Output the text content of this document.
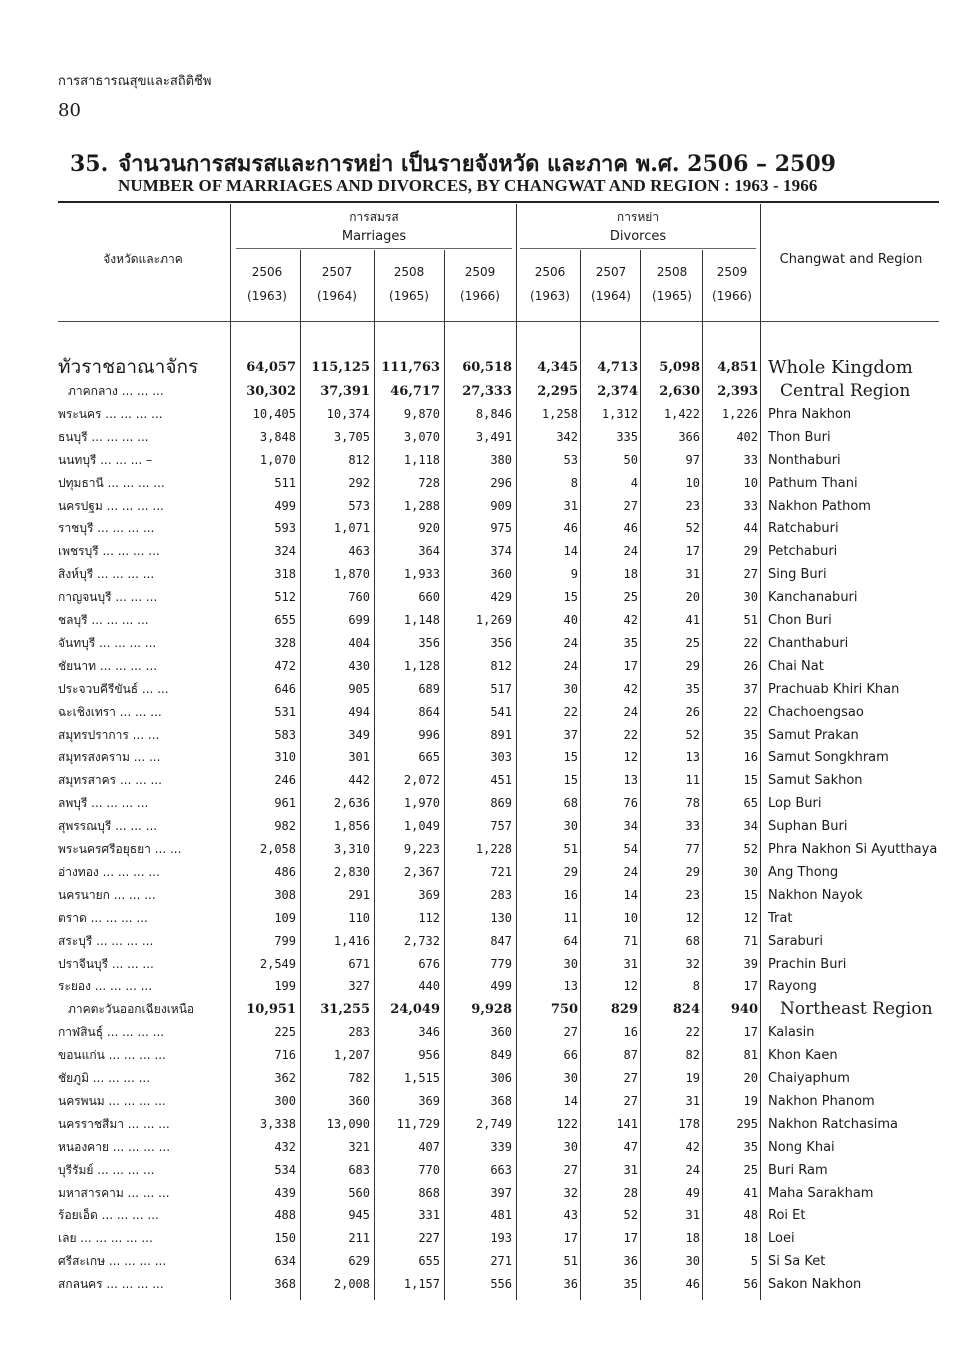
การสาธารณสุขและสถิติชีพ
80
35. จำนวนการสมรสและการหย่า เป็นรายจังหวัด และภาค พ.ศ. 2506 – 2509
NUMBER OF MARRIAGES AND DIVORCES, BY CHANGWAT AND REGION : 1963 - 1966
การสมรส
Marriages
การหย่า
Divorces
จังหวัดและภาค	Changwat and Region
2506
(1963)
2507
(1964)
2508
(1965)
2509
(1966)
2506
(1963)
2507
(1964)
2508
(1965)
2509
(1966)
ทั่วราชอาณาจักร	64,057	115,125 111,763	60,518	4,345	4,713	5,098	4,851 Whole Kingdom
ภาคกลาง ... ... ...	30,302	37,391	46,717	27,333	2,295	2,374	2,630	2,393 Central Region
พระนคร ... ... ... ...	10,405	10,374	9,870	8,846	1,258	1,312	1,422	1,226 Phra Nakhon
ธนบุรี ... ... ... ...	3,848	3,705	3,070	3,491	342	335	366	402 Thon Buri
นนทบุรี ... ... ... –	1,070	812	1,118	380	53	50	97	33 Nonthaburi
ปทุมธานี ... ... ... ...	511	292	728	296	8	4	10	10 Pathum Thani
นครปฐม ... ... ... ...	499	573	1,288	909	31	27	23	33 Nakhon Pathom
ราชบุรี ... ... ... ...	593	1,071	920	975	46	46	52	44 Ratchaburi
เพชรบุรี ... ... ... ...	324	463	364	374	14	24	17	29 Petchaburi
สิงห์บุรี ... ... ... ...	318	1,870	1,933	360	9	18	31	27 Sing Buri
กาญจนบุรี ... ... ...	512	760	660	429	15	25	20	30 Kanchanaburi
ชลบุรี ... ... ... ...	655	699	1,148	1,269	40	42	41	51 Chon Buri
จันทบุรี ... ... ... ...	328	404	356	356	24	35	25	22 Chanthaburi
ชัยนาท ... ... ... ...	472	430	1,128	812	24	17	29	26 Chai Nat
ประจวบคีรีขันธ์ ... ...	646	905	689	517	30	42	35	37 Prachuab Khiri Khan
ฉะเชิงเทรา ... ... ...	531	494	864	541	22	24	26	22 Chachoengsao
สมุทรปราการ ... ...	583	349	996	891	37	22	52	35 Samut Prakan
สมุทรสงคราม ... ...	310	301	665	303	15	12	13	16 Samut Songkhram
สมุทรสาคร ... ... ...	246	442	2,072	451	15	13	11	15 Samut Sakhon
ลพบุรี ... ... ... ...	961	2,636	1,970	869	68	76	78	65 Lop Buri
สุพรรณบุรี ... ... ...	982	1,856	1,049	757	30	34	33	34 Suphan Buri
พระนครศรีอยุธยา ... ...	2,058	3,310	9,223	1,228	51	54	77	52 Phra Nakhon Si Ayutthaya
อ่างทอง ... ... ... ...	486	2,830	2,367	721	29	24	29	30 Ang Thong
นครนายก ... ... ...	308	291	369	283	16	14	23	15 Nakhon Nayok
ตราด ... ... ... ...	109	110	112	130	11	10	12	12 Trat
สระบุรี ... ... ... ...	799	1,416	2,732	847	64	71	68	71 Saraburi
ปราจีนบุรี ... ... ...	2,549	671	676	779	30	31	32	39 Prachin Buri
ระยอง ... ... ... ...	199	327	440	499	13	12	8	17 Rayong
ภาคตะวันออกเฉียงเหนือ	10,951	31,255	24,049	9,928	750	829	824	940 Northeast Region
กาฬสินธุ์ ... ... ... ...	225	283	346	360	27	16	22	17 Kalasin
ขอนแก่น ... ... ... ...	716	1,207	956	849	66	87	82	81 Khon Kaen
ชัยภูมิ ... ... ... ...	362	782	1,515	306	30	27	19	20 Chaiyaphum
นครพนม ... ... ... ...	300	360	369	368	14	27	31	19 Nakhon Phanom
นครราชสีมา ... ... ...	3,338	13,090	11,729	2,749	122	141	178	295 Nakhon Ratchasima
หนองคาย ... ... ... ...	432	321	407	339	30	47	42	35 Nong Khai
บุรีรัมย์ ... ... ... ...	534	683	770	663	27	31	24	25 Buri Ram
มหาสารคาม ... ... ...	439	560	868	397	32	28	49	41 Maha Sarakham
ร้อยเอ็ด ... ... ... ...	488	945	331	481	43	52	31	48 Roi Et
เลย ... ... ... ... ...	150	211	227	193	17	17	18	18 Loei
ศรีสะเกษ ... ... ... ...	634	629	655	271	51	36	30	5 Si Sa Ket
สกลนคร ... ... ... ...	368	2,008	1,157	556	36	35	46	56 Sakon Nakhon
